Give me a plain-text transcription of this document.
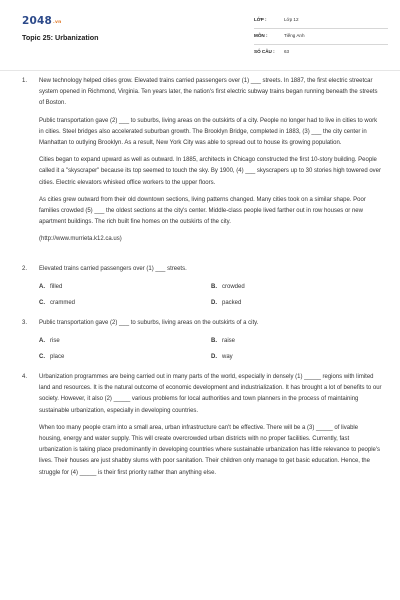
$2048^{.vn}$
Topic 25: Urbanization
LỚP :	Lớp 12
MÔN :	Tiếng Anh
SỐ CÂU :	63
1.	New technology helped cities grow. Elevated trains carried passengers over (1) ___ streets. In 1887, the first electric streetcar system opened in Richmond, Virginia. Ten years later, the nation's first electric subway trains began running beneath the streets of Boston.

Public transportation gave (2) ___ to suburbs, living areas on the outskirts of a city. People no longer had to live in cities to work in cities. Steel bridges also accelerated suburban growth. The Brooklyn Bridge, completed in 1883, (3) ___ the city center in Manhattan to outlying Brooklyn. As a result, New York City was able to spread out to house its growing population.

Cities began to expand upward as well as outward. In 1885, architects in Chicago constructed the first 10-story building. People called it a "skyscraper" because its top seemed to touch the sky. By 1900, (4) ___ skyscrapers up to 30 stories high towered over cities. Electric elevators whisked office workers to the upper floors.

As cities grew outward from their old downtown sections, living patterns changed. Many cities took on a similar shape. Poor families crowded (5) ___ the oldest sections at the city's center. Middle-class people lived farther out in row houses or new apartment buildings. The rich built fine homes on the outskirts of the city.

(http://www.murrieta.k12.ca.us)

2.	Elevated trains carried passengers over (1) ___ streets.
A. filled	B. crowded
C. crammed	D. packed
3.	Public transportation gave (2) ___ to suburbs, living areas on the outskirts of a city.
A. rise	B. raise
C. place	D. way
4.	Urbanization programmes are being carried out in many parts of the world, especially in densely (1) _____ regions with limited land and resources. It is the natural outcome of economic development and industrialization. It has brought a lot of benefits to our society. However, it also (2) _____ various problems for local authorities and town planners in the process of maintaining sustainable urbanization, especially in developing countries.

When too many people cram into a small area, urban infrastructure can't be effective. There will be a (3) _____ of livable housing, energy and water supply. This will create overcrowded urban districts with no proper facilities. Currently, fast urbanization is taking place predominantly in developing countries where sustainable urbanization has little relevance to people's lives. Their houses are just shabby slums with poor sanitation. Their children only manage to get basic education. Hence, the struggle for (4) _____ is their first priority rather than anything else.
